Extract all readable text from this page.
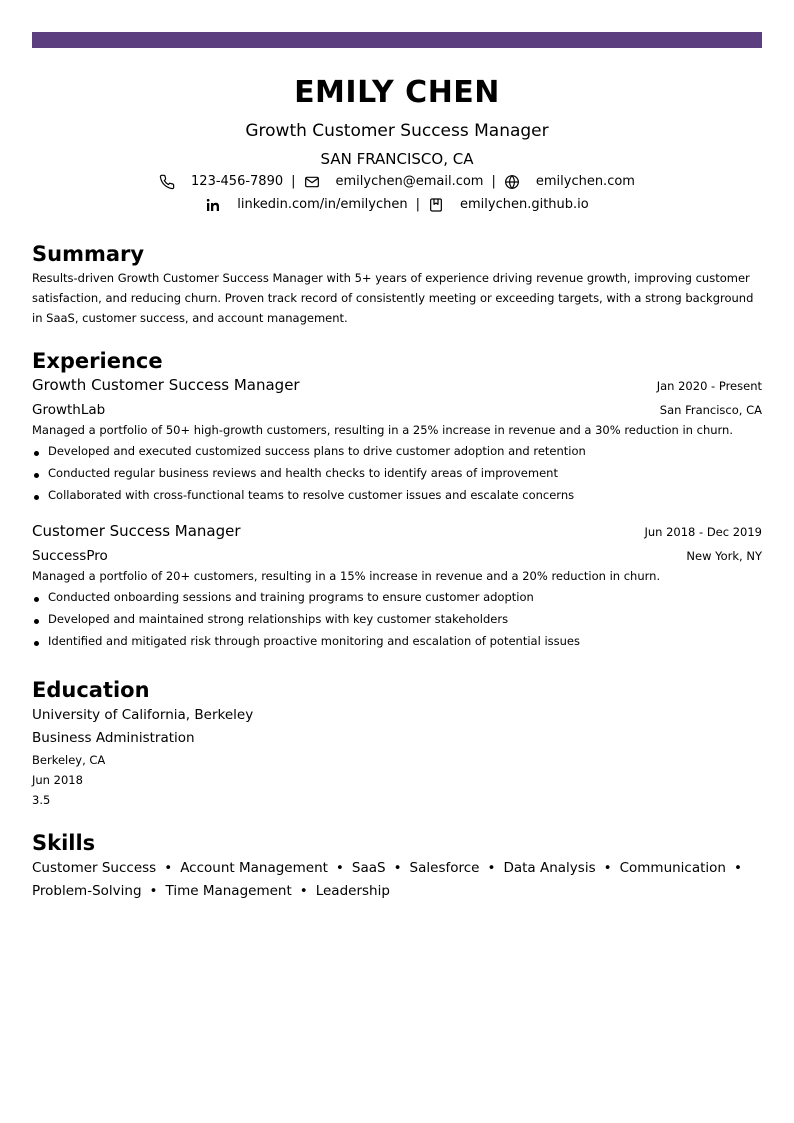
EMILY CHEN
Growth Customer Success Manager
SAN FRANCISCO, CA
123-456-7890 |	emilychen@email.com |	emilychen.com
linkedin.com/in/emilychen |	emilychen.github.io
Summary
Results-driven Growth Customer Success Manager with 5+ years of experience driving revenue growth, improving customer satisfaction, and reducing churn. Proven track record of consistently meeting or exceeding targets, with a strong background in SaaS, customer success, and account management.
Experience
Growth Customer Success Manager	Jan 2020 - Present
GrowthLab	San Francisco, CA
Managed a portfolio of 50+ high-growth customers, resulting in a 25% increase in revenue and a 30% reduction in churn.
Developed and executed customized success plans to drive customer adoption and retention
Conducted regular business reviews and health checks to identify areas of improvement
Collaborated with cross-functional teams to resolve customer issues and escalate concerns
Customer Success Manager	Jun 2018 - Dec 2019
SuccessPro	New York, NY
Managed a portfolio of 20+ customers, resulting in a 15% increase in revenue and a 20% reduction in churn.
Conducted onboarding sessions and training programs to ensure customer adoption
Developed and maintained strong relationships with key customer stakeholders
Identified and mitigated risk through proactive monitoring and escalation of potential issues
Education
University of California, Berkeley
Business Administration
Berkeley, CA
Jun 2018
3.5
Skills
Customer Success • Account Management • SaaS • Salesforce • Data Analysis • Communication •
Problem-Solving • Time Management • Leadership
